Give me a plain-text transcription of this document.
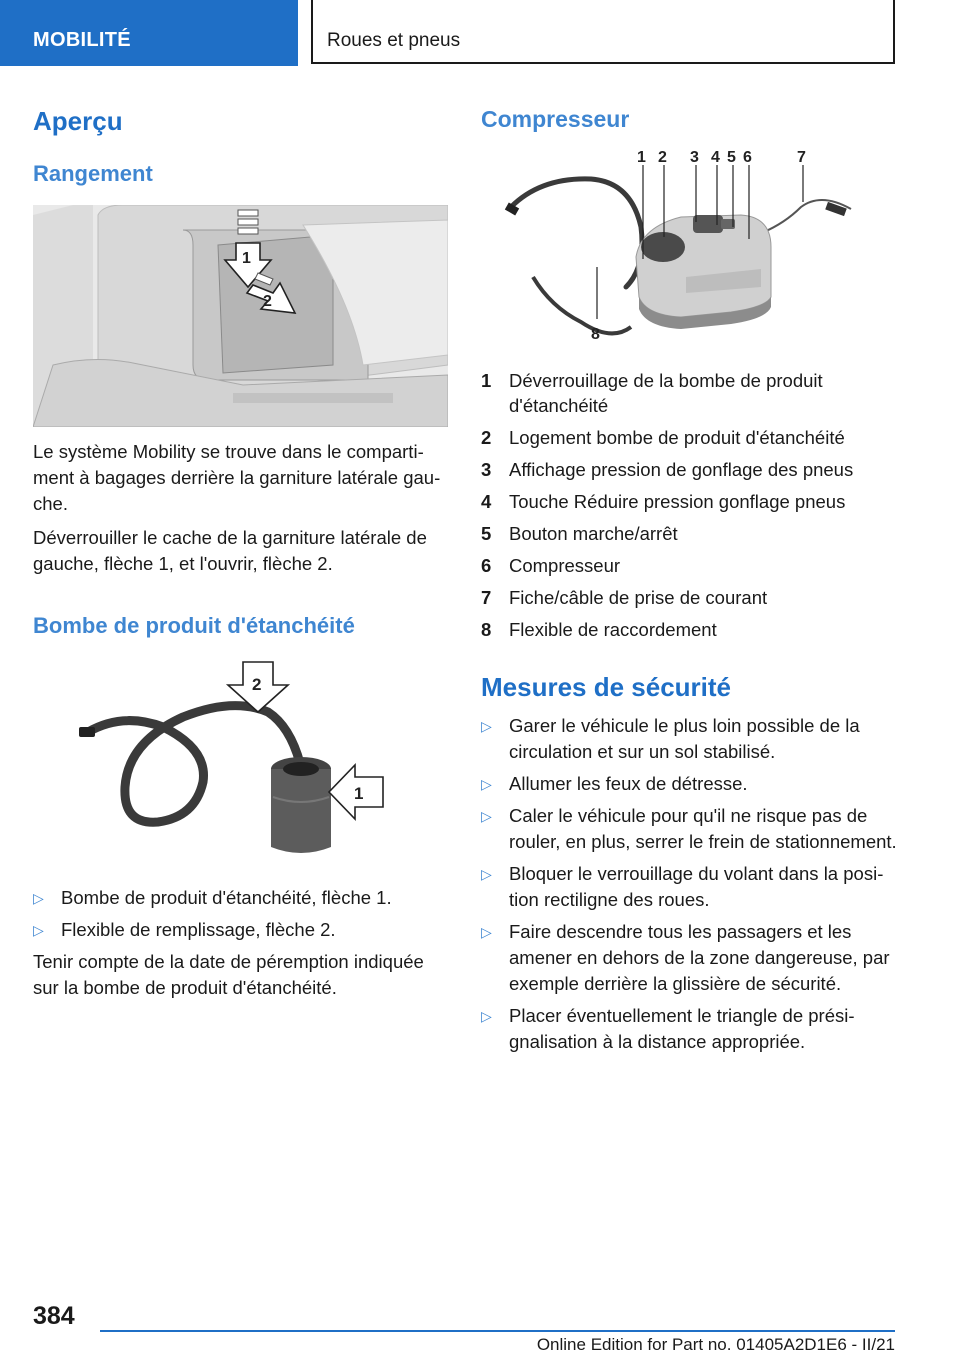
MOBILITÉ	Roues et pneus
Aperçu
Rangement
1
2

Le système Mobility se trouve dans le compartiment à bagages derrière la garniture latérale gauche.

Déverrouiller le cache de la garniture latérale de gauche, flèche 1, et l'ouvrir, flèche 2.

Bombe de produit d'étanchéité
2
1
▷ Bombe de produit d'étanchéité, flèche 1.
▷ Flexible de remplissage, flèche 2.

Tenir compte de la date de péremption indiquée sur la bombe de produit d'étanchéité.

Compresseur
1 2 3 4 5 6	7
8
1 Déverrouillage de la bombe de produit d'étanchéité
2 Logement bombe de produit d'étanchéité
3 Affichage pression de gonflage des pneus
4 Touche Réduire pression gonflage pneus
5 Bouton marche/arrêt
6 Compresseur
7 Fiche/câble de prise de courant
8 Flexible de raccordement
Mesures de sécurité
▷ Garer le véhicule le plus loin possible de la circulation et sur un sol stabilisé.
▷ Allumer les feux de détresse.
▷ Caler le véhicule pour qu'il ne risque pas de rouler, en plus, serrer le frein de stationnement.
▷ Bloquer le verrouillage du volant dans la position rectiligne des roues.
▷ Faire descendre tous les passagers et les amener en dehors de la zone dangereuse, par exemple derrière la glissière de sécurité.
▷ Placer éventuellement le triangle de présignalisation à la distance appropriée.
384
Online Edition for Part no. 01405A2D1E6 - II/21
